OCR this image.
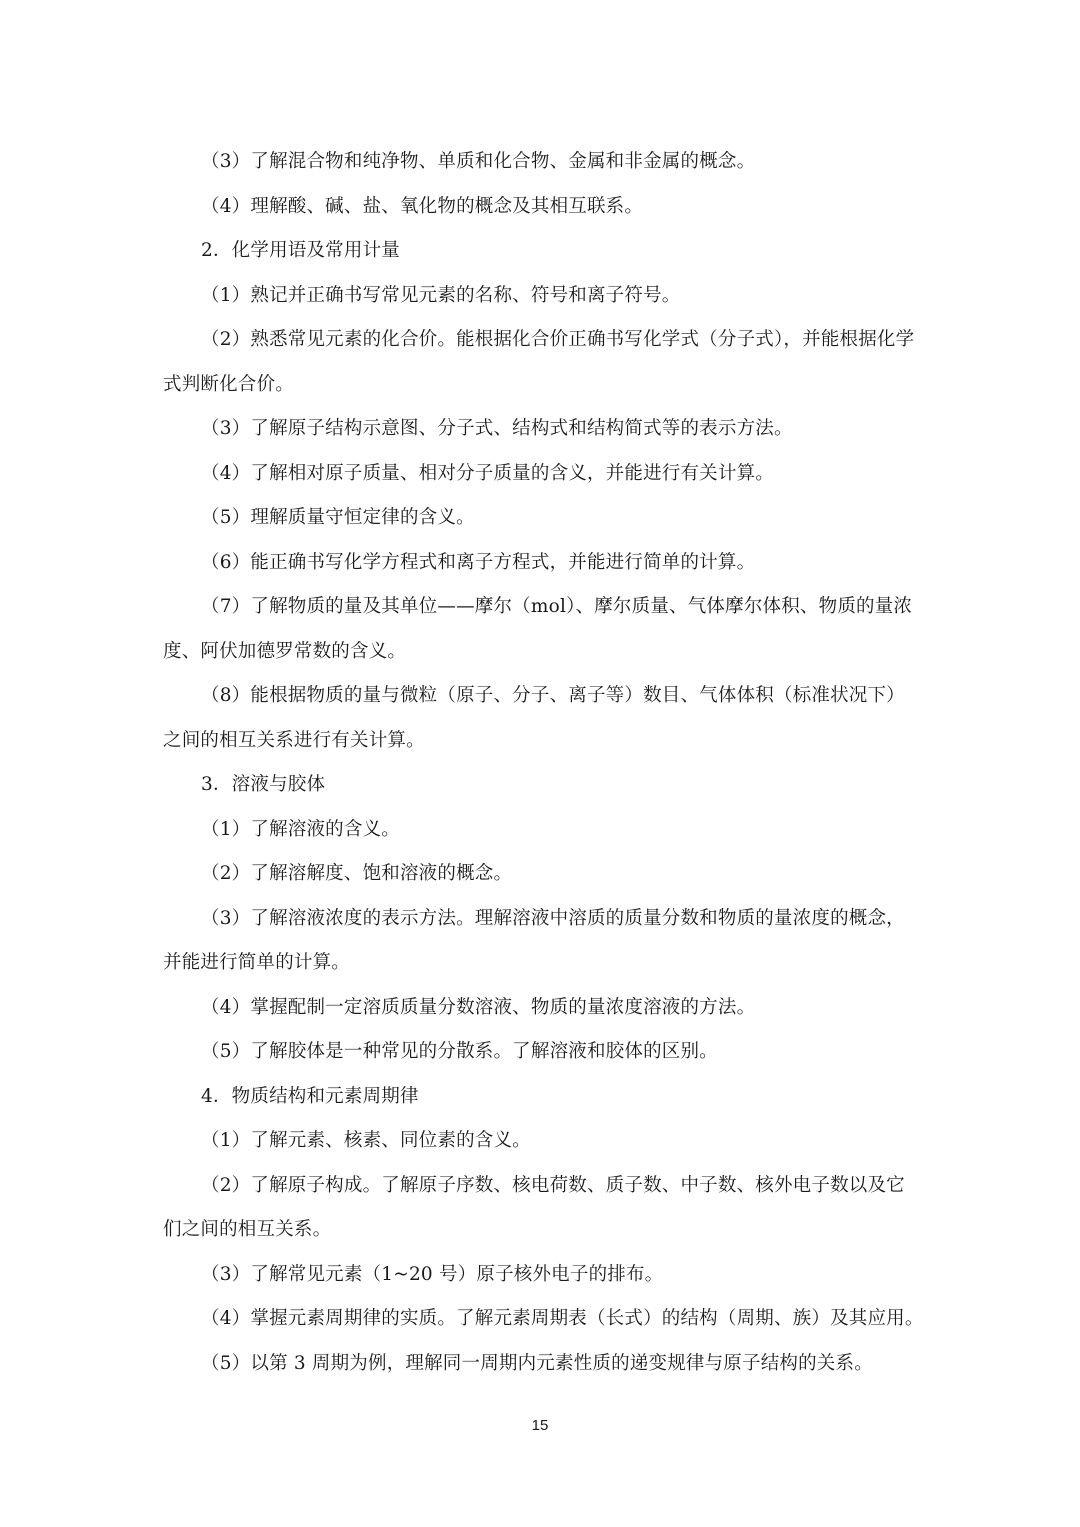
（3）了解混合物和纯净物、单质和化合物、金属和非金属的概念。
（4）理解酸、碱、盐、氧化物的概念及其相互联系。
2．化学用语及常用计量
（1）熟记并正确书写常见元素的名称、符号和离子符号。
（2）熟悉常见元素的化合价。能根据化合价正确书写化学式（分子式），并能根据化学
式判断化合价。
（3）了解原子结构示意图、分子式、结构式和结构简式等的表示方法。
（4）了解相对原子质量、相对分子质量的含义，并能进行有关计算。
（5）理解质量守恒定律的含义。
（6）能正确书写化学方程式和离子方程式，并能进行简单的计算。
（7）了解物质的量及其单位——摩尔（mol）、摩尔质量、气体摩尔体积、物质的量浓
度、阿伏加德罗常数的含义。
（8）能根据物质的量与微粒（原子、分子、离子等）数目、气体体积（标准状况下）
之间的相互关系进行有关计算。
3．溶液与胶体
（1）了解溶液的含义。
（2）了解溶解度、饱和溶液的概念。
（3）了解溶液浓度的表示方法。理解溶液中溶质的质量分数和物质的量浓度的概念，
并能进行简单的计算。
（4）掌握配制一定溶质质量分数溶液、物质的量浓度溶液的方法。
（5）了解胶体是一种常见的分散系。了解溶液和胶体的区别。
4．物质结构和元素周期律
（1）了解元素、核素、同位素的含义。
（2）了解原子构成。了解原子序数、核电荷数、质子数、中子数、核外电子数以及它
们之间的相互关系。
（3）了解常见元素（1~20 号）原子核外电子的排布。
（4）掌握元素周期律的实质。了解元素周期表（长式）的结构（周期、族）及其应用。
（5）以第 3 周期为例，理解同一周期内元素性质的递变规律与原子结构的关系。
15
